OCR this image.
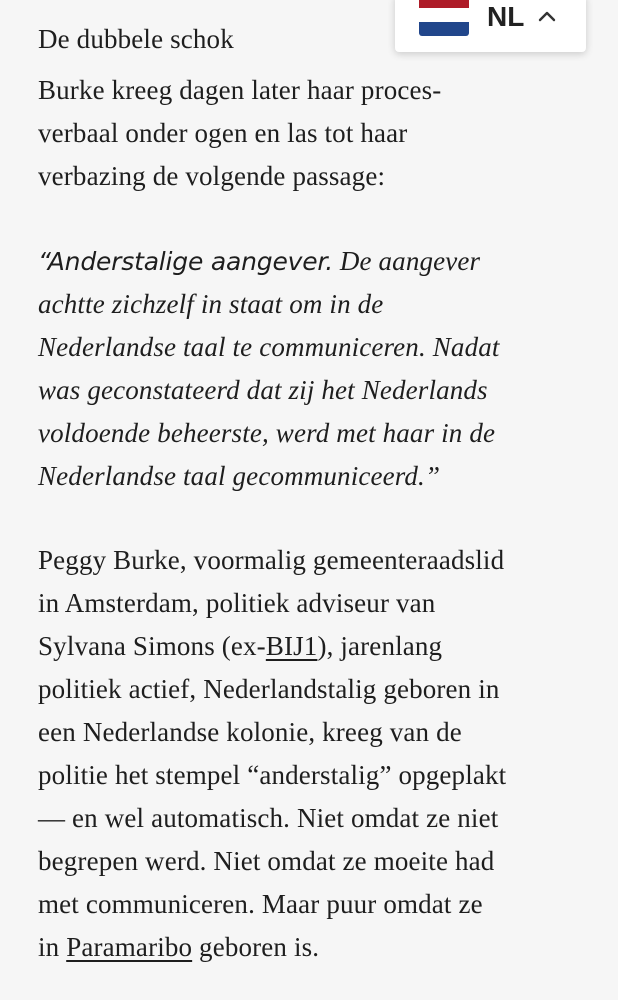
De dubbele schok
Burke kreeg dagen later haar proces-
verbaal onder ogen en las tot haar
verbazing de volgende passage:
“Anderstalige aangever. De aangever
achtte zichzelf in staat om in de
Nederlandse taal te communiceren. Nadat
was geconstateerd dat zij het Nederlands
voldoende beheerste, werd met haar in de
Nederlandse taal gecommuniceerd.”
Peggy Burke, voormalig gemeenteraadslid
in Amsterdam, politiek adviseur van
Sylvana Simons (ex-BIJ1), jarenlang
politiek actief, Nederlandstalig geboren in
een Nederlandse kolonie, kreeg van de
politie het stempel “anderstalig” opgeplakt
— en wel automatisch. Niet omdat ze niet
begrepen werd. Niet omdat ze moeite had
met communiceren. Maar puur omdat ze
in Paramaribo geboren is.
NL
